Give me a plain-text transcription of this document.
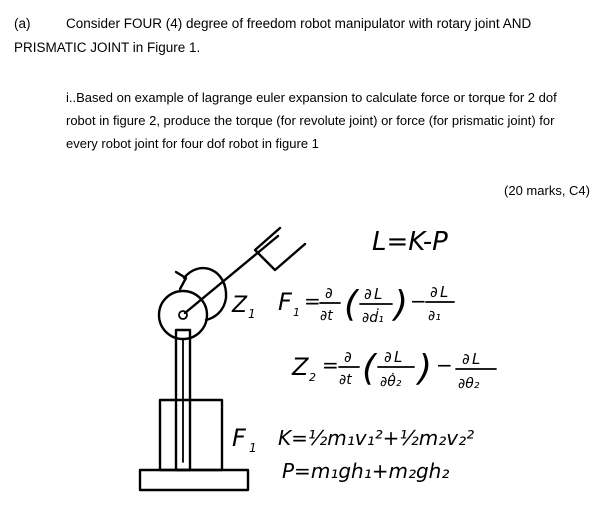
(a)	Consider FOUR (4) degree of freedom robot manipulator with rotary joint AND
PRISMATIC JOINT in Figure 1.
i..Based on example of lagrange euler expansion to calculate force or torque for 2 dof
robot in figure 2, produce the torque (for revolute joint) or force (for prismatic joint) for
every robot joint for four dof robot in figure 1
(20 marks, C4)
Z 1
F 1
L=K-P
F 1 = ∂
∂t ( ∂ L
∂ḋ₁ ) − ∂ L
∂₁
Z 2
= ∂
∂t ( ∂ L
∂θ̇₂ ) − ∂ L
∂θ₂
K=½m₁v₁²+½m₂v₂²
P=m₁gh₁+m₂gh₂
